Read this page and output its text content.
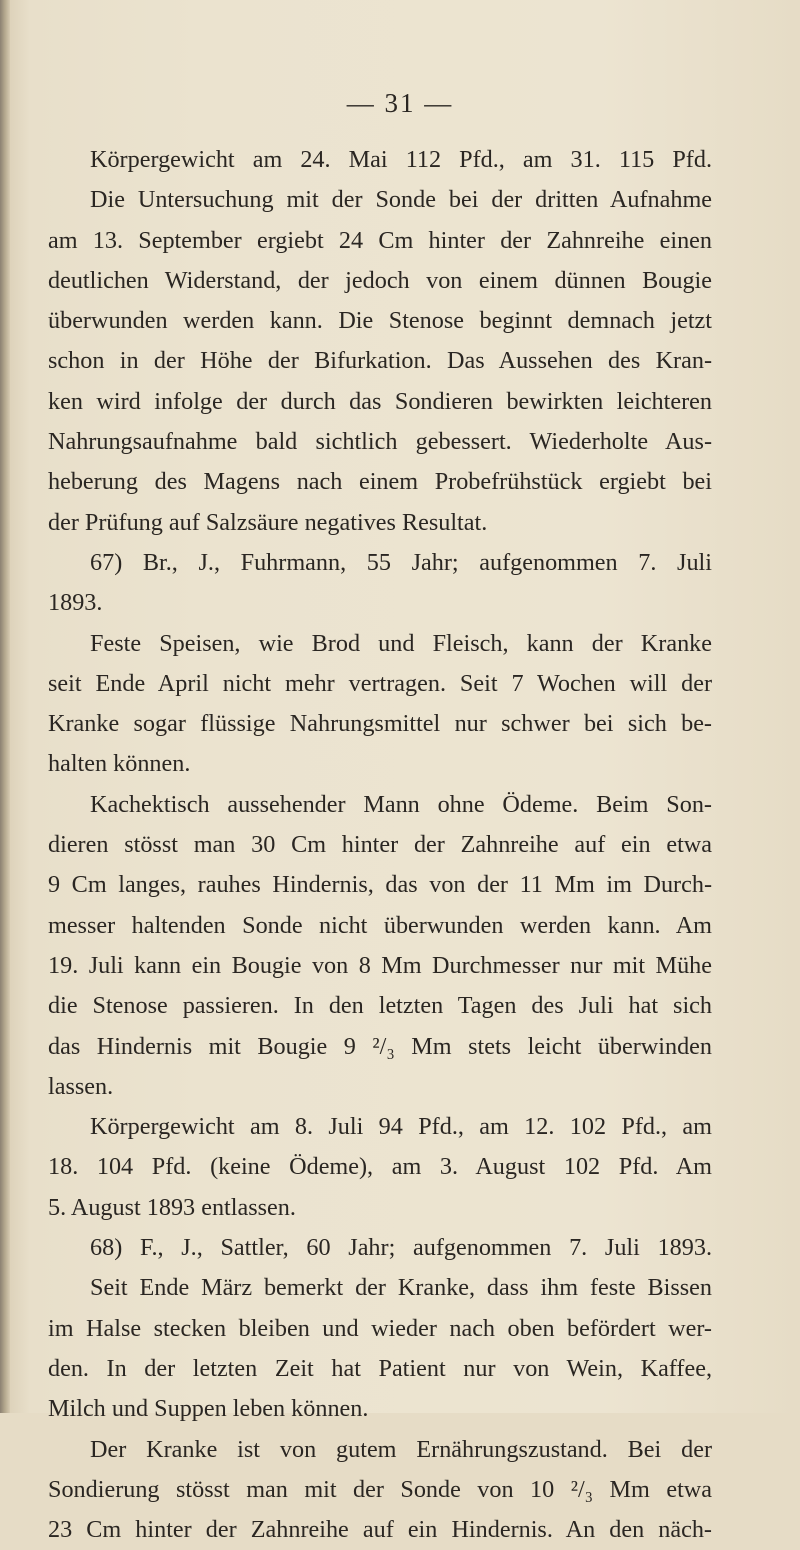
— 31 —
Körpergewicht am 24. Mai 112 Pfd., am 31. 115 Pfd.
Die Untersuchung mit der Sonde bei der dritten Aufnahme
am 13. September ergiebt 24 Cm hinter der Zahnreihe einen
deutlichen Widerstand, der jedoch von einem dünnen Bougie
überwunden werden kann. Die Stenose beginnt demnach jetzt
schon in der Höhe der Bifurkation. Das Aussehen des Kran-
ken wird infolge der durch das Sondieren bewirkten leichteren
Nahrungsaufnahme bald sichtlich gebessert. Wiederholte Aus-
heberung des Magens nach einem Probefrühstück ergiebt bei
der Prüfung auf Salzsäure negatives Resultat.
67) Br., J., Fuhrmann, 55 Jahr; aufgenommen 7. Juli
1893.
Feste Speisen, wie Brod und Fleisch, kann der Kranke
seit Ende April nicht mehr vertragen. Seit 7 Wochen will der
Kranke sogar flüssige Nahrungsmittel nur schwer bei sich be-
halten können.
Kachektisch aussehender Mann ohne Ödeme. Beim Son-
dieren stösst man 30 Cm hinter der Zahnreihe auf ein etwa
9 Cm langes, rauhes Hindernis, das von der 11 Mm im Durch-
messer haltenden Sonde nicht überwunden werden kann. Am
19. Juli kann ein Bougie von 8 Mm Durchmesser nur mit Mühe
die Stenose passieren. In den letzten Tagen des Juli hat sich
das Hindernis mit Bougie 9 ²/₃ Mm stets leicht überwinden
lassen.
Körpergewicht am 8. Juli 94 Pfd., am 12. 102 Pfd., am
18. 104 Pfd. (keine Ödeme), am 3. August 102 Pfd. Am
5. August 1893 entlassen.
68) F., J., Sattler, 60 Jahr; aufgenommen 7. Juli 1893.
Seit Ende März bemerkt der Kranke, dass ihm feste Bissen
im Halse stecken bleiben und wieder nach oben befördert wer-
den. In der letzten Zeit hat Patient nur von Wein, Kaffee,
Milch und Suppen leben können.
Der Kranke ist von gutem Ernährungszustand. Bei der
Sondierung stösst man mit der Sonde von 10 ²/₃ Mm etwa
23 Cm hinter der Zahnreihe auf ein Hindernis. An den näch-
